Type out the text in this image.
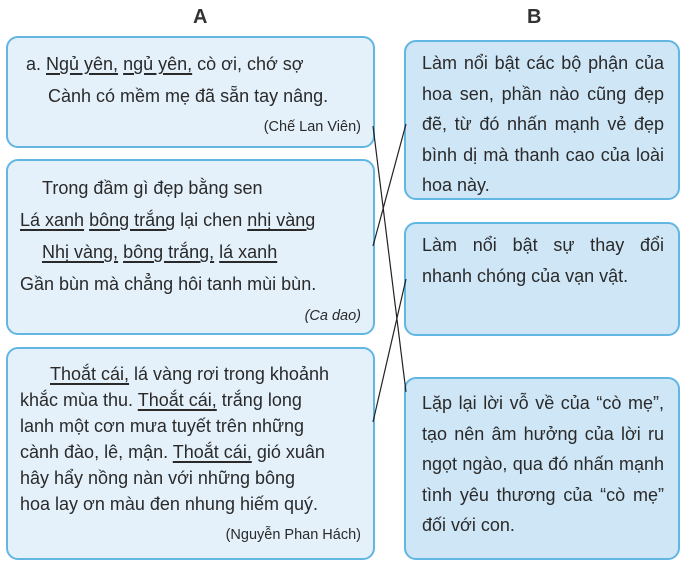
A	B
a. Ngủ yên, ngủ yên, cò ơi, chớ sợ
Cành có mềm mẹ đã sẵn tay nâng.
(Chế Lan Viên)
Trong đầm gì đẹp bằng sen
Lá xanh bông trắng lại chen nhị vàng
Nhị vàng, bông trắng, lá xanh
Gần bùn mà chẳng hôi tanh mùi bùn.
(Ca dao)
Thoắt cái, lá vàng rơi trong khoảnh
khắc mùa thu. Thoắt cái, trắng long
lanh một cơn mưa tuyết trên những
cành đào, lê, mận. Thoắt cái, gió xuân
hây hẩy nồng nàn với những bông
hoa lay ơn màu đen nhung hiếm quý.
(Nguyễn Phan Hách)
Làm nổi bật các bộ phận của hoa sen, phần nào cũng đẹp đẽ, từ đó nhấn mạnh vẻ đẹp bình dị mà thanh cao của loài hoa này.
Làm nổi bật sự thay đổi nhanh chóng của vạn vật.
Lặp lại lời vỗ về của “cò mẹ”, tạo nên âm hưởng của lời ru ngọt ngào, qua đó nhấn mạnh tình yêu thương của “cò mẹ” đối với con.
